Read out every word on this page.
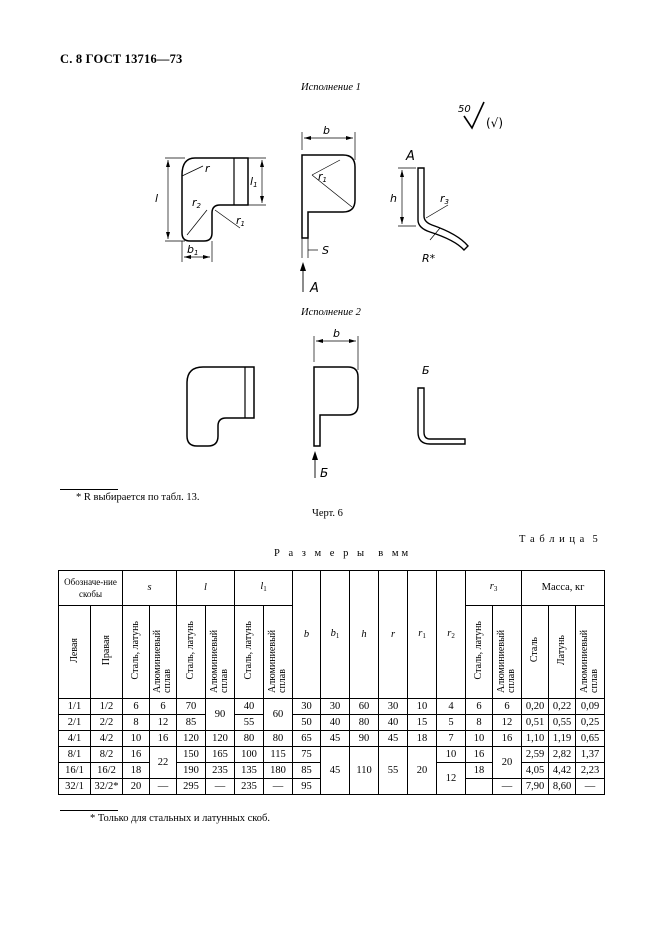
С. 8 ГОСТ 13716—73
Исполнение 1
Исполнение 2
r
l
b1
r2
r1
l1
b
r1
S
A
A
h	r3
R*
b
Б
Б
50
(√)
* R выбирается по табл. 13.
Черт. 6
Т а б л и ц а  5
Р а з м е р ы  в мм
Обозначе-ние скобы		s		l		$l_1$		b	$b_1$	h	r	$r_1$	$r_2$	$r_3$		Масса, кг		
Левая	Правая	Сталь, латунь	Алюминиевый сплав	Сталь, латунь	Алюминиевый сплав	Сталь, латунь	Алюминиевый сплав							Сталь, латунь	Алюминиевый сплав	Сталь	Латунь	Алюминиевый сплав
1/1	1/2	6	6	70	90	40	60	30	30	60	30	10	4	6	6	0,20	0,22	0,09
2/1	2/2	8	12	85		55		50	40	80	40	15	5	8	12	0,51	0,55	0,25
4/1	4/2	10	16	120	120	80	80	65	45	90	45	18	7	10	16	1,10	1,19	0,65
8/1	8/2	16	22	150	165	100	115	75	45	110	55	20	10	16	20	2,59	2,82	1,37
16/1	16/2	18		190	235	135	180	85					12	18		4,05	4,42	2,23
32/1	32/2*	20	—	295	—	235	—	95							—	7,90	8,60	—
* Только для стальных и латунных скоб.
